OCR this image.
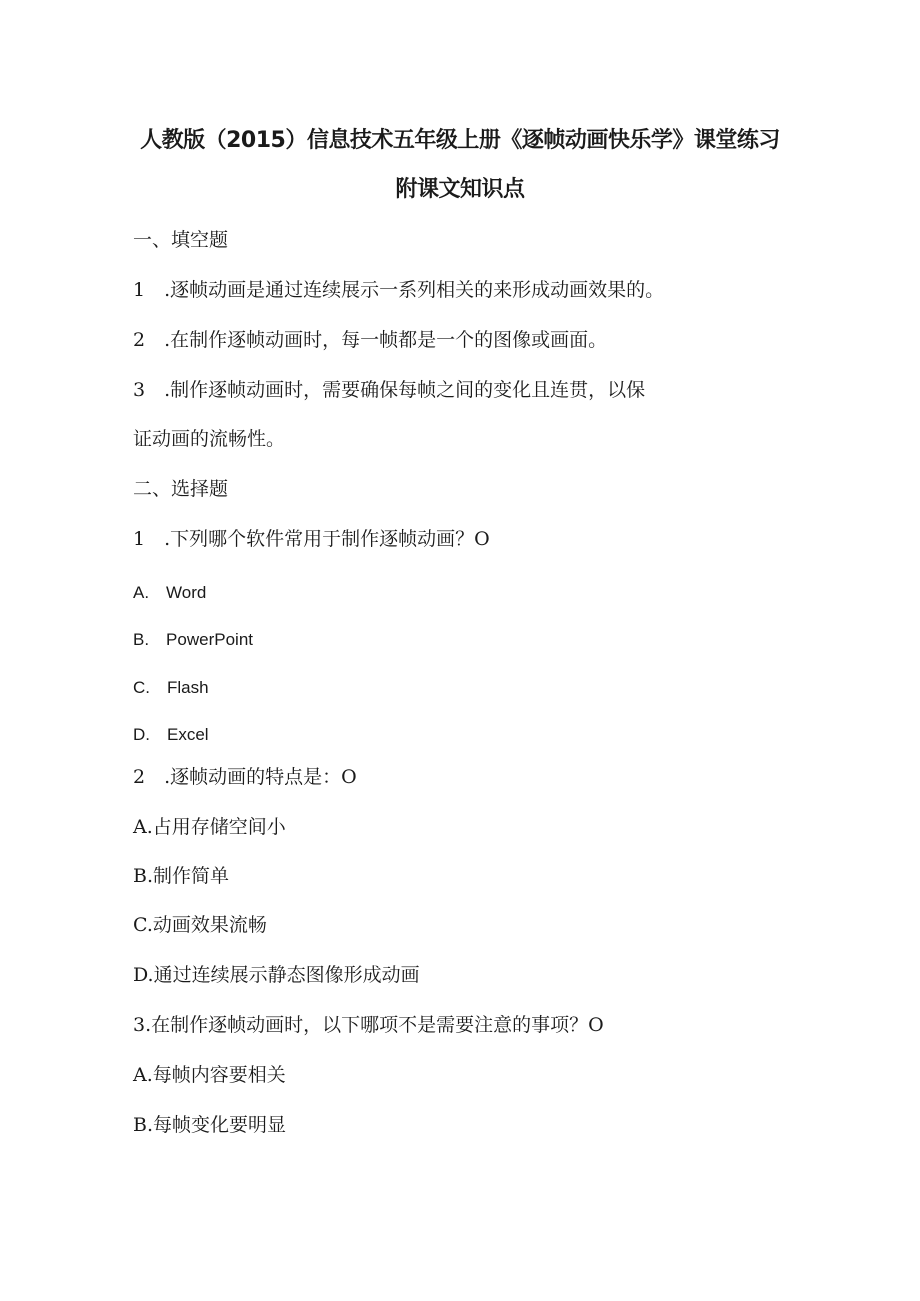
人教版（2015）信息技术五年级上册《逐帧动画快乐学》课堂练习
附课文知识点

一、填空题

1　.逐帧动画是通过连续展示一系列相关的来形成动画效果的。

2　.在制作逐帧动画时，每一帧都是一个的图像或画面。

3　.制作逐帧动画时，需要确保每帧之间的变化且连贯，以保

证动画的流畅性。

二、选择题

1　.下列哪个软件常用于制作逐帧动画？O

A.　Word

B.　PowerPoint

C.　Flash

D.　Excel

2　.逐帧动画的特点是：O

A.占用存储空间小

B.制作简单

C.动画效果流畅

D.通过连续展示静态图像形成动画

3.在制作逐帧动画时，以下哪项不是需要注意的事项？O

A.每帧内容要相关

B.每帧变化要明显
